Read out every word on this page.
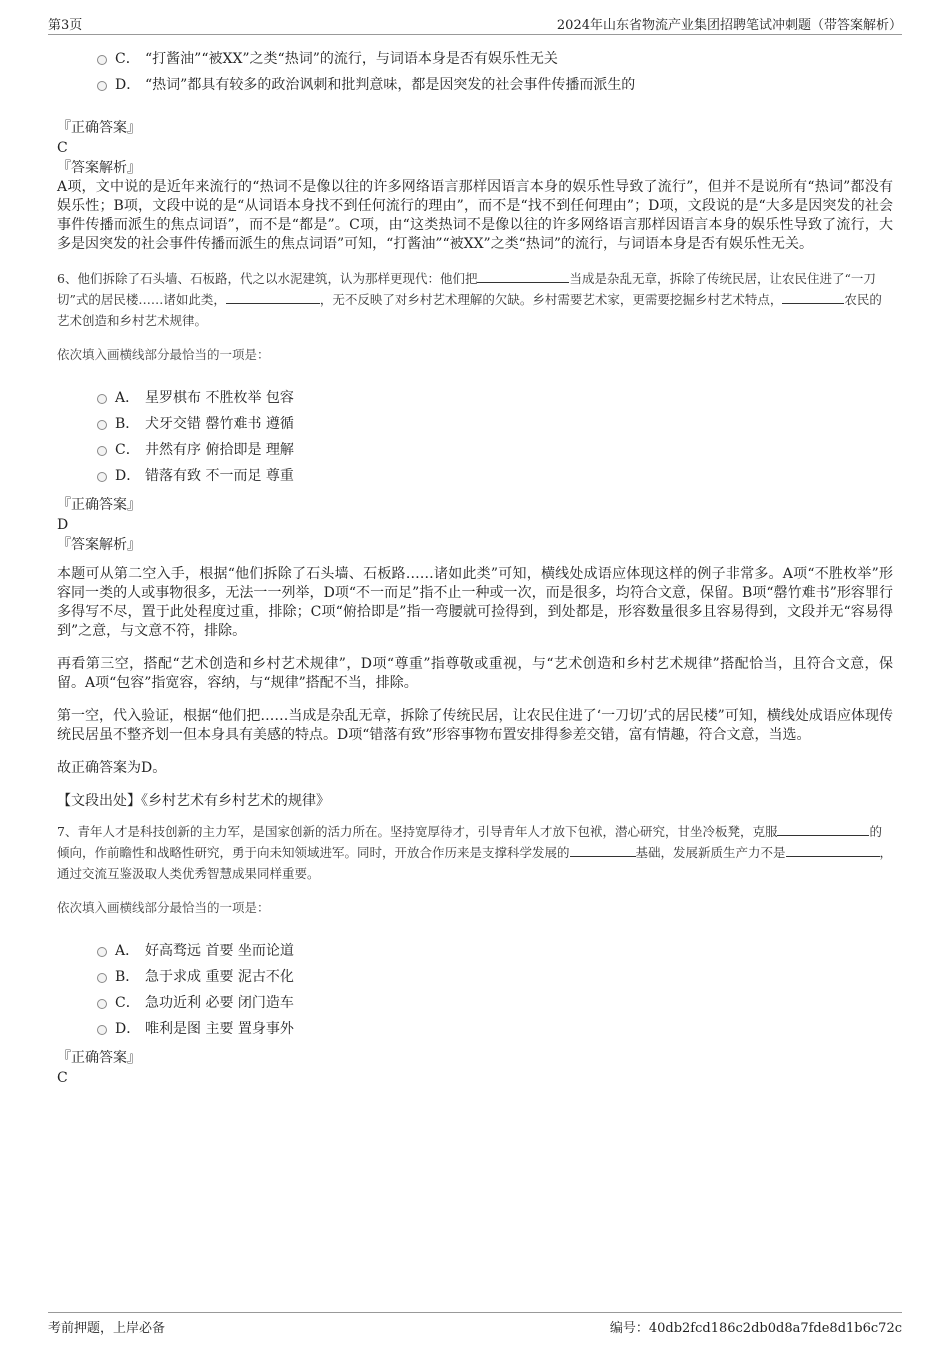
第3页	2024年山东省物流产业集团招聘笔试冲刺题（带答案解析）
C． “打酱油”“被XX”之类“热词”的流行，与词语本身是否有娱乐性无关
D． “热词”都具有较多的政治讽刺和批判意味，都是因突发的社会事件传播而派生的
『正确答案』
C
『答案解析』

A项，文中说的是近年来流行的“热词不是像以往的许多网络语言那样因语言本身的娱乐性导致了流行”，但并不是说所有“热词”都没有娱乐性；B项，文段中说的是“从词语本身找不到任何流行的理由”，而不是“找不到任何理由”；D项，文段说的是“大多是因突发的社会事件传播而派生的焦点词语”，而不是“都是”。C项，由“这类热词不是像以往的许多网络语言那样因语言本身的娱乐性导致了流行，大多是因突发的社会事件传播而派生的焦点词语”可知，“打酱油”“被XX”之类“热词”的流行，与词语本身是否有娱乐性无关。

6、他们拆除了石头墙、石板路，代之以水泥建筑，认为那样更现代：他们把	当成是杂乱无章，拆除了传统民居，让农民住进了“一刀切”式的居民楼……诸如此类，	，无不反映了对乡村艺术理解的欠缺。乡村需要艺术家，更需要挖掘乡村艺术特点，	农民的艺术创造和乡村艺术规律。

依次填入画横线部分最恰当的一项是：
A． 星罗棋布 不胜枚举 包容
B． 犬牙交错 罄竹难书 遵循
C． 井然有序 俯拾即是 理解
D． 错落有致 不一而足 尊重
『正确答案』
D
『答案解析』

本题可从第二空入手，根据“他们拆除了石头墙、石板路……诸如此类”可知，横线处成语应体现这样的例子非常多。A项“不胜枚举”形容同一类的人或事物很多，无法一一列举，D项“不一而足”指不止一种或一次，而是很多，均符合文意，保留。B项“罄竹难书”形容罪行多得写不尽，置于此处程度过重，排除；C项“俯拾即是”指一弯腰就可捡得到，到处都是，形容数量很多且容易得到，文段并无“容易得到”之意，与文意不符，排除。

再看第三空，搭配“艺术创造和乡村艺术规律”，D项“尊重”指尊敬或重视，与“艺术创造和乡村艺术规律”搭配恰当，且符合文意，保留。A项“包容”指宽容，容纳，与“规律”搭配不当，排除。

第一空，代入验证，根据“他们把……当成是杂乱无章，拆除了传统民居，让农民住进了‘一刀切’式的居民楼”可知，横线处成语应体现传统民居虽不整齐划一但本身具有美感的特点。D项“错落有致”形容事物布置安排得参差交错，富有情趣，符合文意，当选。

故正确答案为D。

【文段出处】《乡村艺术有乡村艺术的规律》

7、青年人才是科技创新的主力军，是国家创新的活力所在。坚持宽厚待才，引导青年人才放下包袱，潜心研究，甘坐冷板凳，克服	的倾向，作前瞻性和战略性研究，勇于向未知领域进军。同时，开放合作历来是支撑科学发展的	基础，发展新质生产力不是	，通过交流互鉴汲取人类优秀智慧成果同样重要。

依次填入画横线部分最恰当的一项是：
A． 好高骛远 首要 坐而论道
B． 急于求成 重要 泥古不化
C． 急功近利 必要 闭门造车
D． 唯利是图 主要 置身事外
『正确答案』
C
考前押题，上岸必备	编号：40db2fcd186c2db0d8a7fde8d1b6c72c
